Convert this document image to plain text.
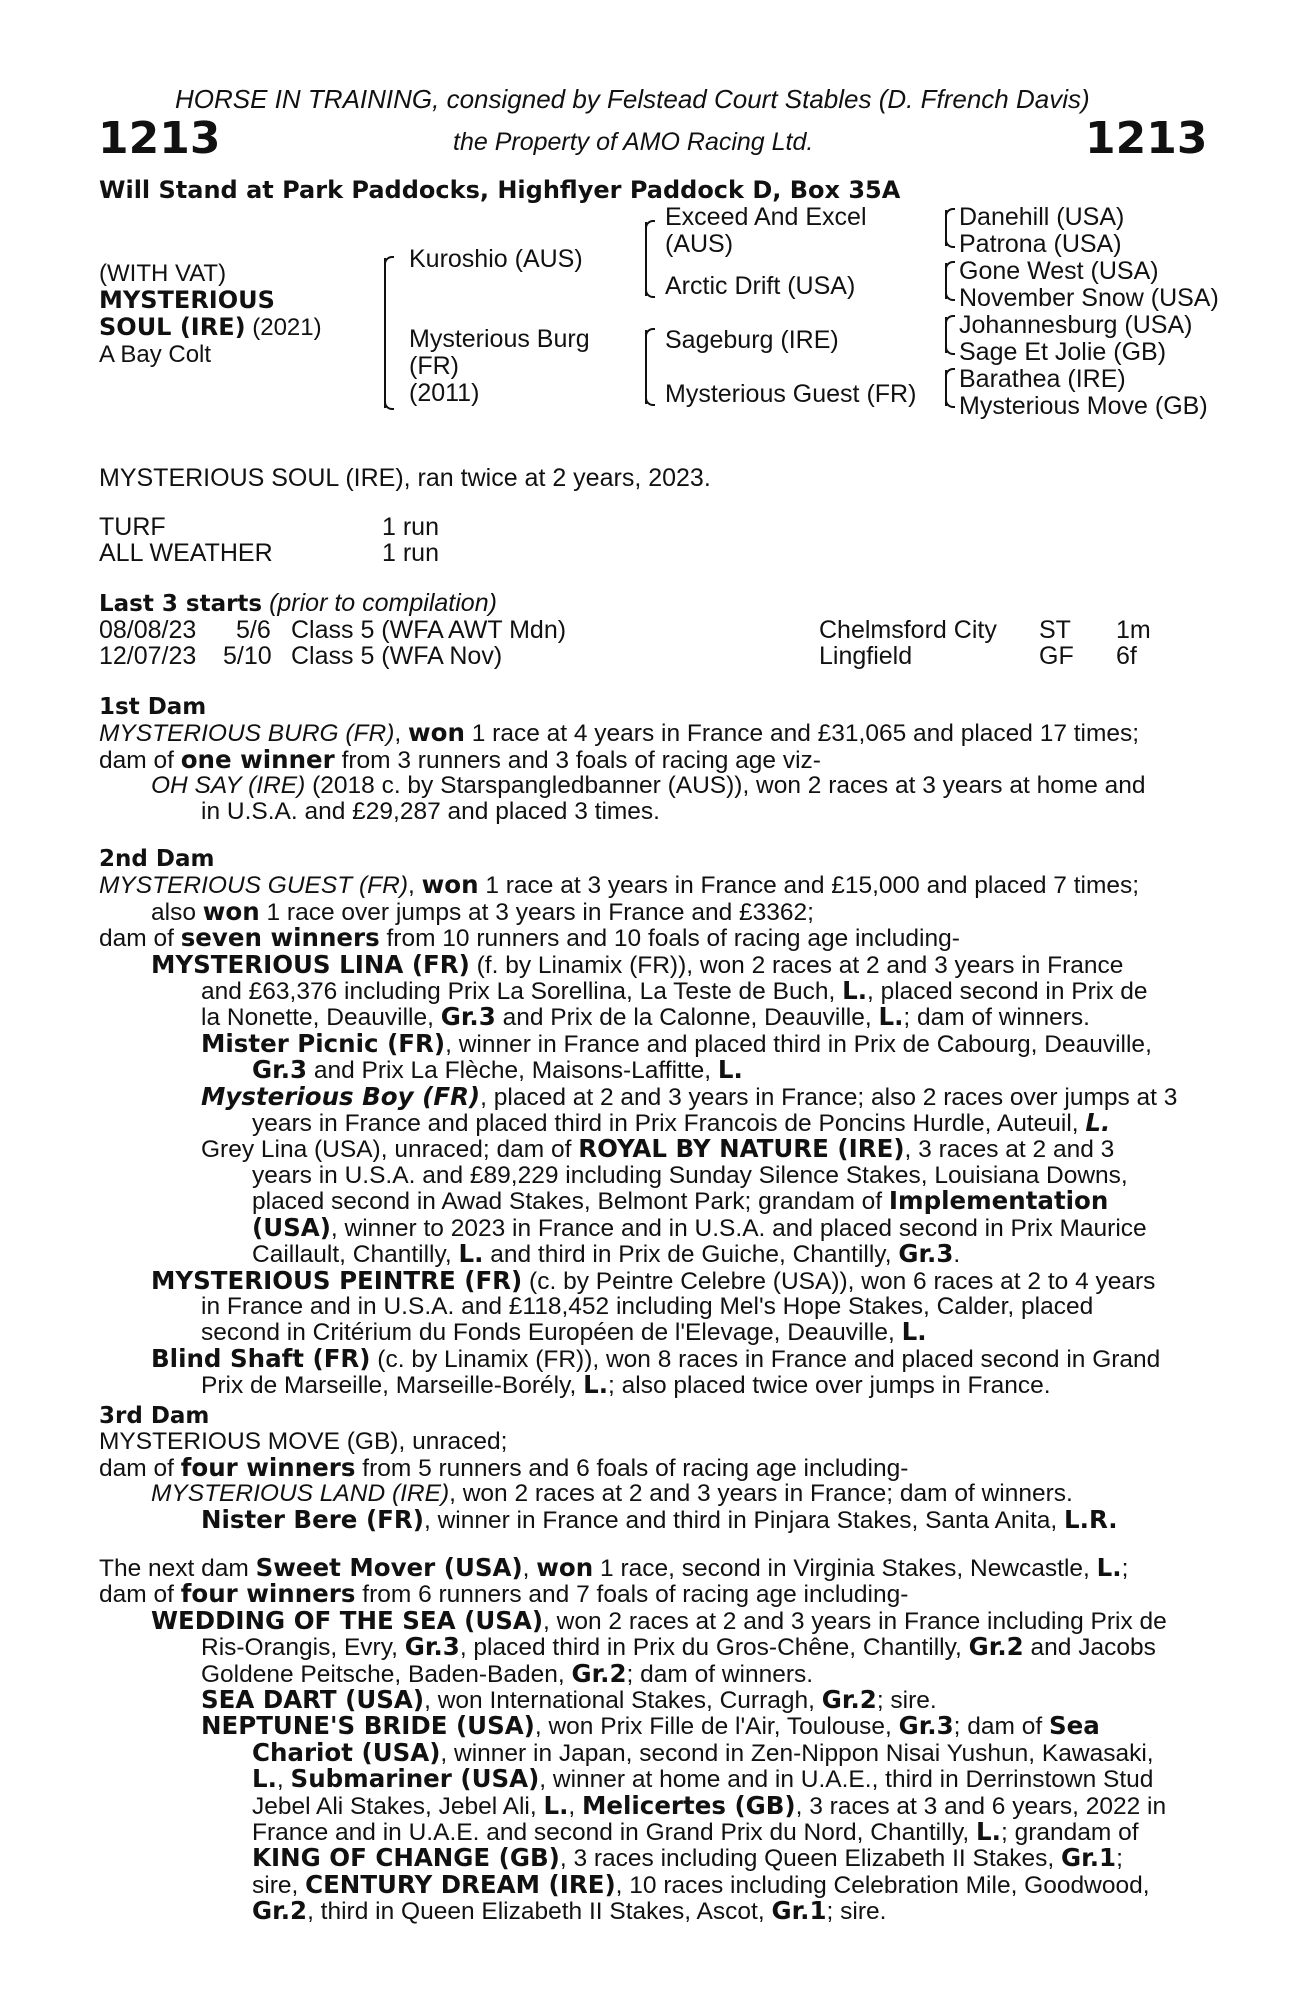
HORSE IN TRAINING, consigned by Felstead Court Stables (D. Ffrench Davis)
1213	the Property of AMO Racing Ltd.	1213
Will Stand at Park Paddocks, Highflyer Paddock D, Box 35A
(WITH VAT)
MYSTERIOUS
SOUL (IRE) (2021)
A Bay Colt
Kuroshio (AUS)
Mysterious Burg
(FR)
(2011)
Exceed And Excel
(AUS)
Arctic Drift (USA)
Sageburg (IRE)
Mysterious Guest (FR)
Danehill (USA)
Patrona (USA)
Gone West (USA)
November Snow (USA)
Johannesburg (USA)
Sage Et Jolie (GB)
Barathea (IRE)
Mysterious Move (GB)
MYSTERIOUS SOUL (IRE), ran twice at 2 years, 2023.
TURF	1 run
ALL WEATHER	1 run
Last 3 starts (prior to compilation)
08/08/23 5/6 Class 5 (WFA AWT Mdn)	Chelmsford City ST 1m
12/07/23 5/10 Class 5 (WFA Nov)	Lingfield	GF 6f
1st Dam
MYSTERIOUS BURG (FR), won 1 race at 4 years in France and £31,065 and placed 17 times;
dam of one winner from 3 runners and 3 foals of racing age viz-
OH SAY (IRE) (2018 c. by Starspangledbanner (AUS)), won 2 races at 3 years at home and
in U.S.A. and £29,287 and placed 3 times.
2nd Dam
MYSTERIOUS GUEST (FR), won 1 race at 3 years in France and £15,000 and placed 7 times;
also won 1 race over jumps at 3 years in France and £3362;
dam of seven winners from 10 runners and 10 foals of racing age including-
MYSTERIOUS LINA (FR) (f. by Linamix (FR)), won 2 races at 2 and 3 years in France
and £63,376 including Prix La Sorellina, La Teste de Buch, L., placed second in Prix de
la Nonette, Deauville, Gr.3 and Prix de la Calonne, Deauville, L.; dam of winners.
Mister Picnic (FR), winner in France and placed third in Prix de Cabourg, Deauville,
Gr.3 and Prix La Flèche, Maisons-Laffitte, L.
Mysterious Boy (FR), placed at 2 and 3 years in France; also 2 races over jumps at 3
years in France and placed third in Prix Francois de Poncins Hurdle, Auteuil, L.
Grey Lina (USA), unraced; dam of ROYAL BY NATURE (IRE), 3 races at 2 and 3
years in U.S.A. and £89,229 including Sunday Silence Stakes, Louisiana Downs,
placed second in Awad Stakes, Belmont Park; grandam of Implementation
(USA), winner to 2023 in France and in U.S.A. and placed second in Prix Maurice
Caillault, Chantilly, L. and third in Prix de Guiche, Chantilly, Gr.3.
MYSTERIOUS PEINTRE (FR) (c. by Peintre Celebre (USA)), won 6 races at 2 to 4 years
in France and in U.S.A. and £118,452 including Mel's Hope Stakes, Calder, placed
second in Critérium du Fonds Européen de l'Elevage, Deauville, L.
Blind Shaft (FR) (c. by Linamix (FR)), won 8 races in France and placed second in Grand
Prix de Marseille, Marseille-Borély, L.; also placed twice over jumps in France.
3rd Dam
MYSTERIOUS MOVE (GB), unraced;
dam of four winners from 5 runners and 6 foals of racing age including-
MYSTERIOUS LAND (IRE), won 2 races at 2 and 3 years in France; dam of winners.
Nister Bere (FR), winner in France and third in Pinjara Stakes, Santa Anita, L.R.
The next dam Sweet Mover (USA), won 1 race, second in Virginia Stakes, Newcastle, L.;
dam of four winners from 6 runners and 7 foals of racing age including-
WEDDING OF THE SEA (USA), won 2 races at 2 and 3 years in France including Prix de
Ris-Orangis, Evry, Gr.3, placed third in Prix du Gros-Chêne, Chantilly, Gr.2 and Jacobs
Goldene Peitsche, Baden-Baden, Gr.2; dam of winners.
SEA DART (USA), won International Stakes, Curragh, Gr.2; sire.
NEPTUNE'S BRIDE (USA), won Prix Fille de l'Air, Toulouse, Gr.3; dam of Sea
Chariot (USA), winner in Japan, second in Zen-Nippon Nisai Yushun, Kawasaki,
L., Submariner (USA), winner at home and in U.A.E., third in Derrinstown Stud
Jebel Ali Stakes, Jebel Ali, L., Melicertes (GB), 3 races at 3 and 6 years, 2022 in
France and in U.A.E. and second in Grand Prix du Nord, Chantilly, L.; grandam of
KING OF CHANGE (GB), 3 races including Queen Elizabeth II Stakes, Gr.1;
sire, CENTURY DREAM (IRE), 10 races including Celebration Mile, Goodwood,
Gr.2, third in Queen Elizabeth II Stakes, Ascot, Gr.1; sire.
